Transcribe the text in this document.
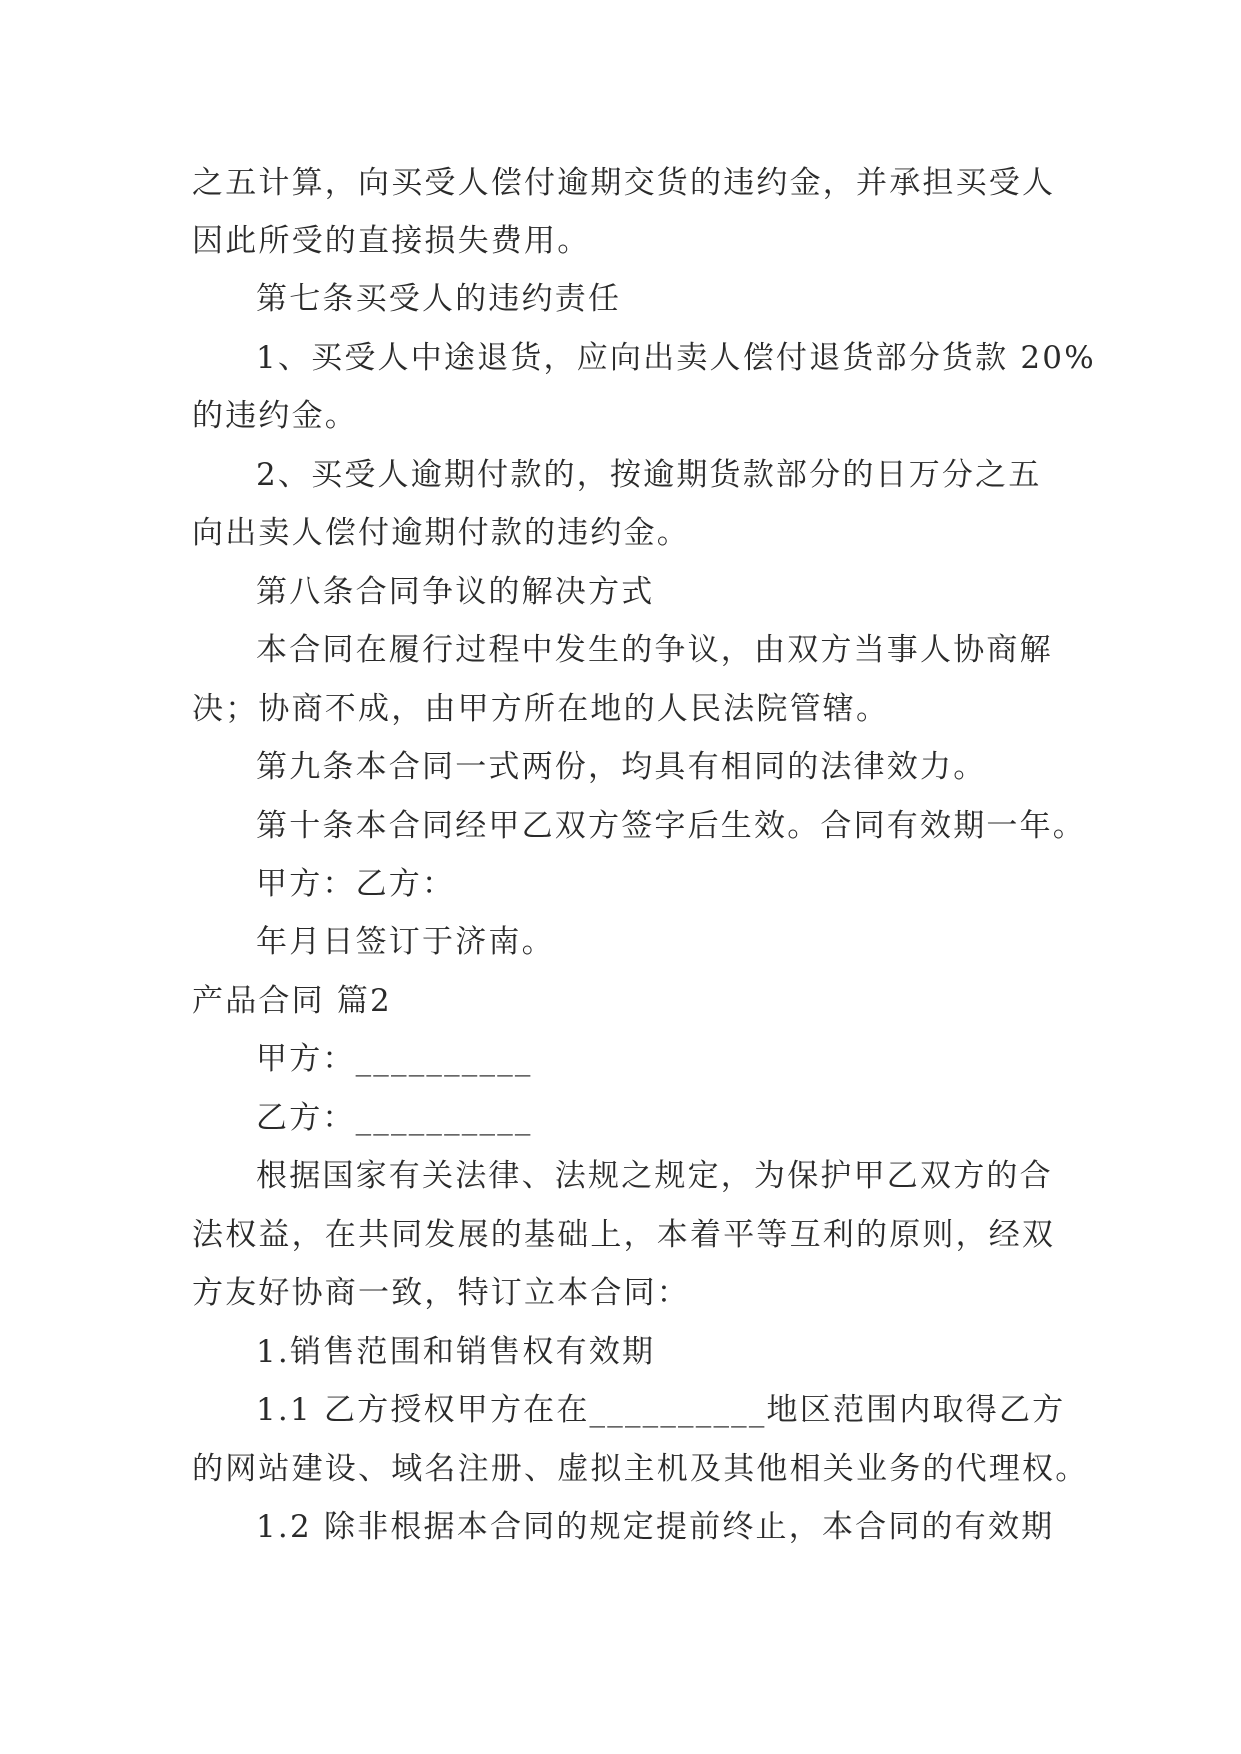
之五计算，向买受人偿付逾期交货的违约金，并承担买受人
因此所受的直接损失费用。
第七条买受人的违约责任
1、买受人中途退货，应向出卖人偿付退货部分货款 20%
的违约金。
2、买受人逾期付款的，按逾期货款部分的日万分之五
向出卖人偿付逾期付款的违约金。
第八条合同争议的解决方式
本合同在履行过程中发生的争议，由双方当事人协商解
决；协商不成，由甲方所在地的人民法院管辖。
第九条本合同一式两份，均具有相同的法律效力。
第十条本合同经甲乙双方签字后生效。合同有效期一年。
甲方：乙方：
年月日签订于济南。
产品合同 篇2
甲方：__________
乙方：__________
根据国家有关法律、法规之规定，为保护甲乙双方的合
法权益，在共同发展的基础上，本着平等互利的原则，经双
方友好协商一致，特订立本合同：
1.销售范围和销售权有效期
1.1 乙方授权甲方在在__________地区范围内取得乙方
的网站建设、域名注册、虚拟主机及其他相关业务的代理权。
1.2 除非根据本合同的规定提前终止，本合同的有效期
